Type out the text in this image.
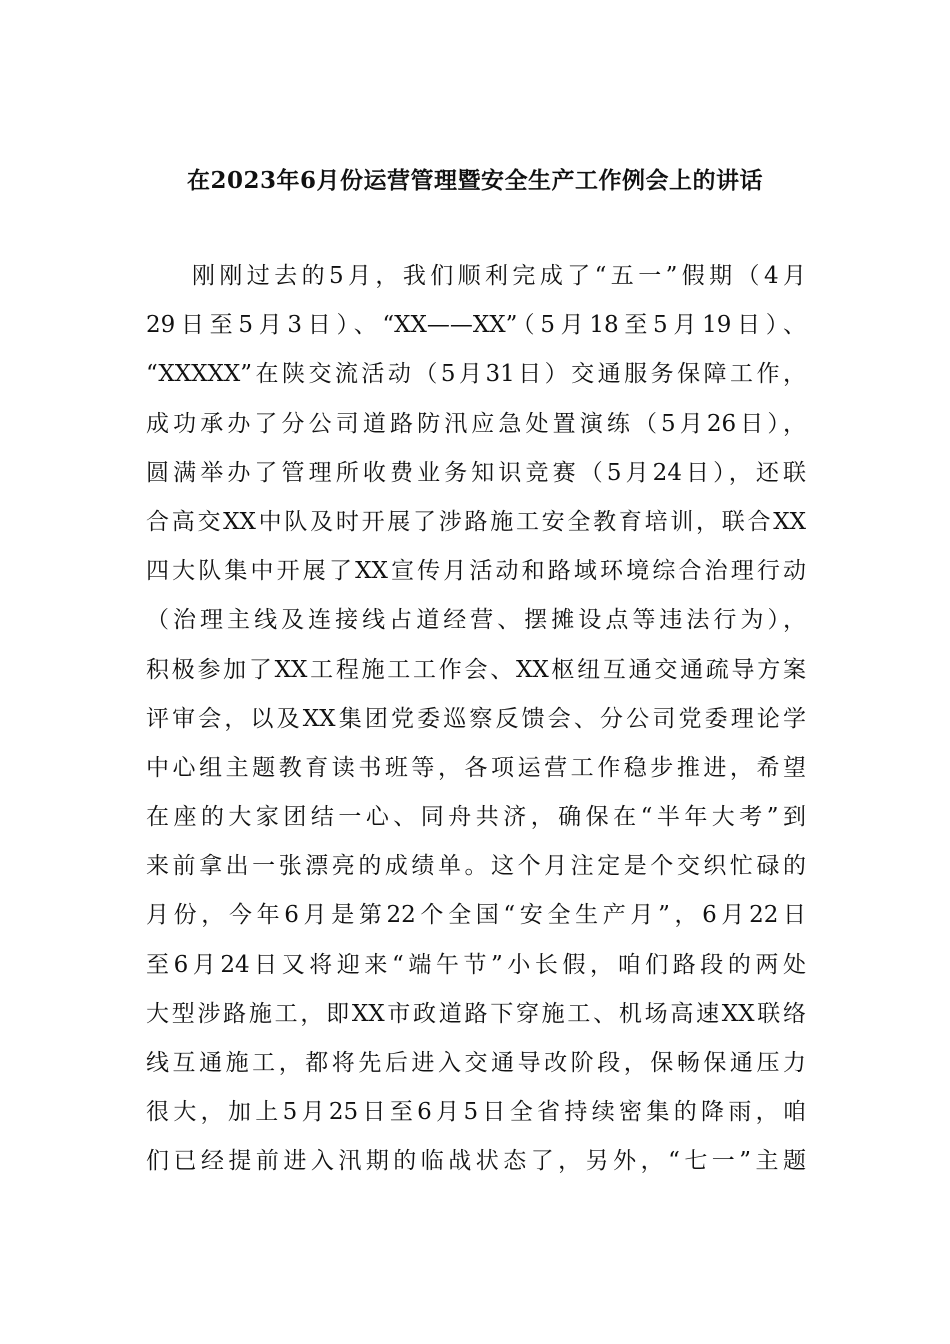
在2023年6月份运营管理暨安全生产工作例会上的讲话
刚刚过去的5月，我们顺利完成了“五一”假期（4月
29日至5月3日）、“XX——XX”（5月18至5月19日）、
“XXXXX”在陕交流活动（5月31日）交通服务保障工作，
成功承办了分公司道路防汛应急处置演练（5月26日），
圆满举办了管理所收费业务知识竞赛（5月24日），还联
合高交XX中队及时开展了涉路施工安全教育培训，联合XX
四大队集中开展了XX宣传月活动和路域环境综合治理行动
（治理主线及连接线占道经营、摆摊设点等违法行为），
积极参加了XX工程施工工作会、XX枢纽互通交通疏导方案
评审会，以及XX集团党委巡察反馈会、分公司党委理论学
中心组主题教育读书班等，各项运营工作稳步推进，希望
在座的大家团结一心、同舟共济，确保在“半年大考”到
来前拿出一张漂亮的成绩单。这个月注定是个交织忙碌的
月份，今年6月是第22个全国“安全生产月”，6月22日
至6月24日又将迎来“端午节”小长假，咱们路段的两处
大型涉路施工，即XX市政道路下穿施工、机场高速XX联络
线互通施工，都将先后进入交通导改阶段，保畅保通压力
很大，加上5月25日至6月5日全省持续密集的降雨，咱
们已经提前进入汛期的临战状态了，另外，“七一”主题
